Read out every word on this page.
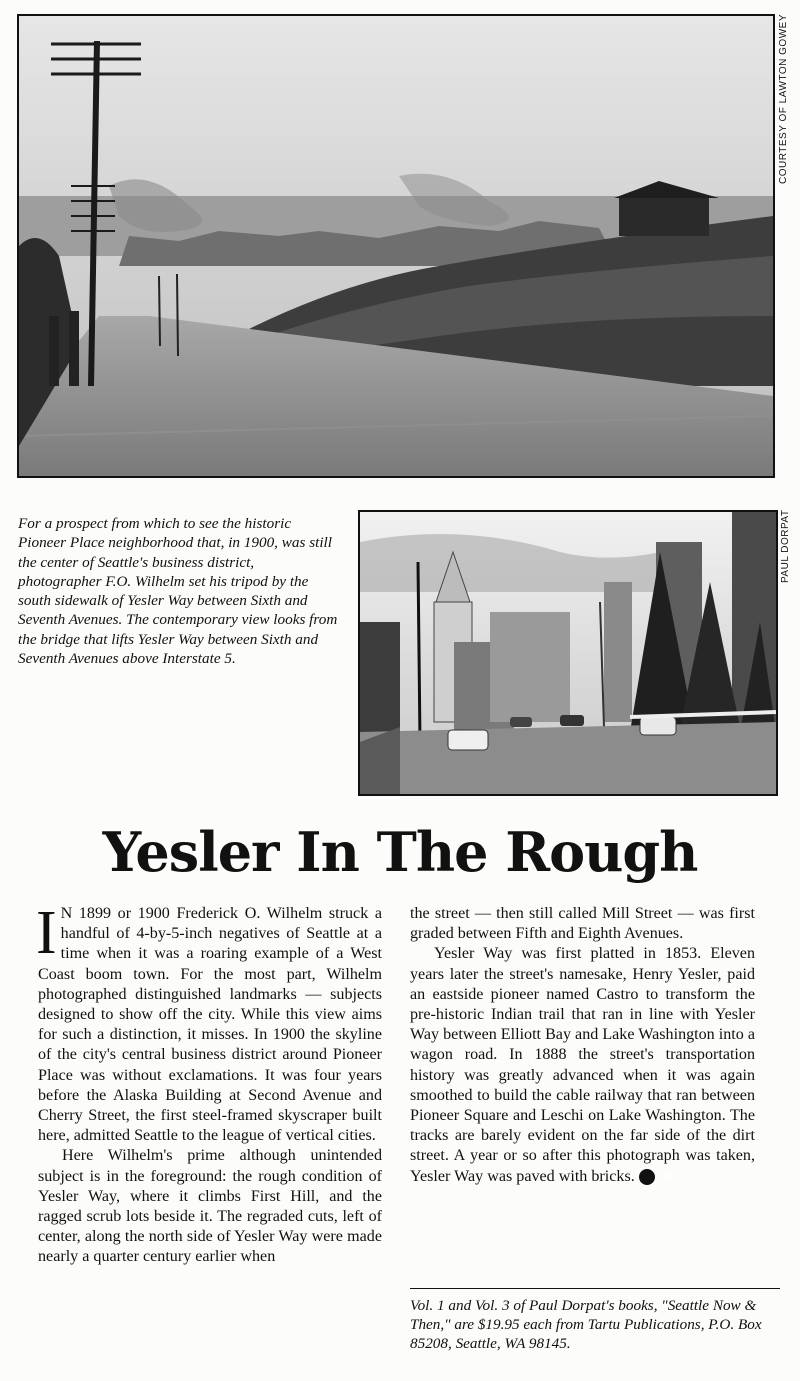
COURTESY OF LAWTON GOWEY
For a prospect from which to see the historic Pioneer Place neighborhood that, in 1900, was still the center of Seattle's business district, photographer F.O. Wilhelm set his tripod by the south sidewalk of Yesler Way between Sixth and Seventh Avenues. The contemporary view looks from the bridge that lifts Yesler Way between Sixth and Seventh Avenues above Interstate 5.
PAUL DORPAT
Yesler In The Rough

I N 1899 or 1900 Frederick O. Wilhelm struck a handful of 4-by-5-inch negatives of Seattle at a time when it was a roaring example of a West Coast boom town. For the most part, Wilhelm photographed distinguished landmarks — subjects designed to show off the city. While this view aims for such a distinction, it misses. In 1900 the skyline of the city's central business district around Pioneer Place was without exclamations. It was four years before the Alaska Building at Second Avenue and Cherry Street, the first steel-framed skyscraper built here, admitted Seattle to the league of vertical cities.

Here Wilhelm's prime although unintended subject is in the foreground: the rough condition of Yesler Way, where it climbs First Hill, and the ragged scrub lots beside it. The regraded cuts, left of center, along the north side of Yesler Way were made nearly a quarter century earlier when

the street — then still called Mill Street — was first graded between Fifth and Eighth Avenues.

Yesler Way was first platted in 1853. Eleven years later the street's namesake, Henry Yesler, paid an eastside pioneer named Castro to transform the pre-historic Indian trail that ran in line with Yesler Way between Elliott Bay and Lake Washington into a wagon road. In 1888 the street's transportation history was greatly advanced when it was again smoothed to build the cable railway that ran between Pioneer Square and Leschi on Lake Washington. The tracks are barely evident on the far side of the dirt street. A year or so after this photograph was taken, Yesler Way was paved with bricks.	P

Vol. 1 and Vol. 3 of Paul Dorpat's books, "Seattle Now & Then," are $19.95 each from Tartu Publications, P.O. Box 85208, Seattle, WA 98145.
